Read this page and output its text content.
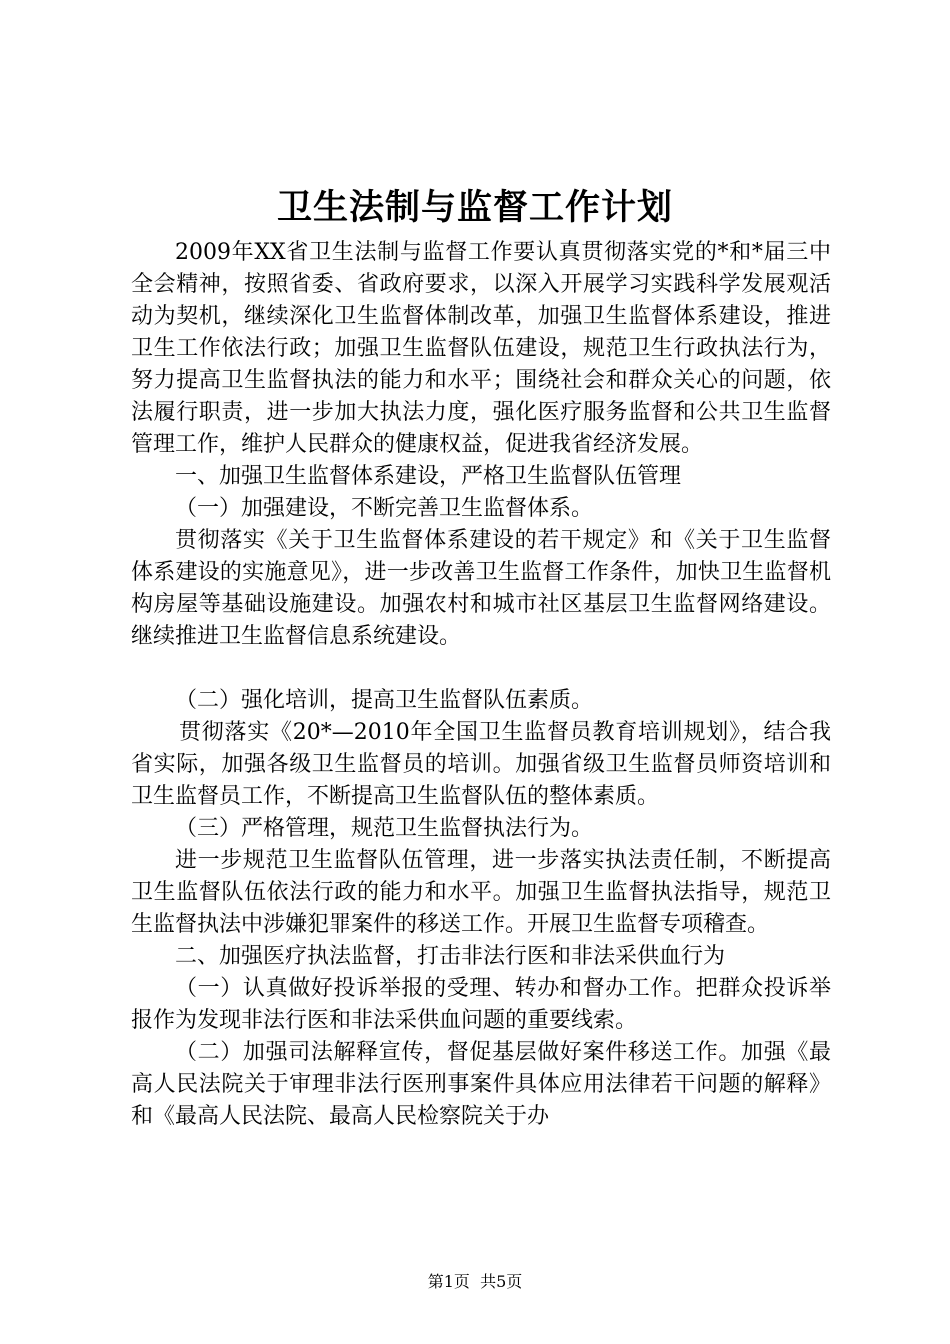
卫生法制与监督工作计划

2009年XX省卫生法制与监督工作要认真贯彻落实党的*和*届三中全会精神，按照省委、省政府要求，以深入开展学习实践科学发展观活动为契机，继续深化卫生监督体制改革，加强卫生监督体系建设，推进卫生工作依法行政；加强卫生监督队伍建设，规范卫生行政执法行为，努力提高卫生监督执法的能力和水平；围绕社会和群众关心的问题，依法履行职责，进一步加大执法力度，强化医疗服务监督和公共卫生监督管理工作，维护人民群众的健康权益，促进我省经济发展。

一、加强卫生监督体系建设，严格卫生监督队伍管理

（一）加强建设，不断完善卫生监督体系。

贯彻落实《关于卫生监督体系建设的若干规定》和《关于卫生监督体系建设的实施意见》，进一步改善卫生监督工作条件，加快卫生监督机构房屋等基础设施建设。加强农村和城市社区基层卫生监督网络建设。继续推进卫生监督信息系统建设。

（二）强化培训，提高卫生监督队伍素质。

贯彻落实《20*—2010年全国卫生监督员教育培训规划》，结合我省实际，加强各级卫生监督员的培训。加强省级卫生监督员师资培训和卫生监督员工作，不断提高卫生监督队伍的整体素质。

（三）严格管理，规范卫生监督执法行为。

进一步规范卫生监督队伍管理，进一步落实执法责任制，不断提高卫生监督队伍依法行政的能力和水平。加强卫生监督执法指导，规范卫生监督执法中涉嫌犯罪案件的移送工作。开展卫生监督专项稽查。

二、加强医疗执法监督，打击非法行医和非法采供血行为

（一）认真做好投诉举报的受理、转办和督办工作。把群众投诉举报作为发现非法行医和非法采供血问题的重要线索。

（二）加强司法解释宣传，督促基层做好案件移送工作。加强《最高人民法院关于审理非法行医刑事案件具体应用法律若干问题的解释》和《最高人民法院、最高人民检察院关于办

第1页 共5页
